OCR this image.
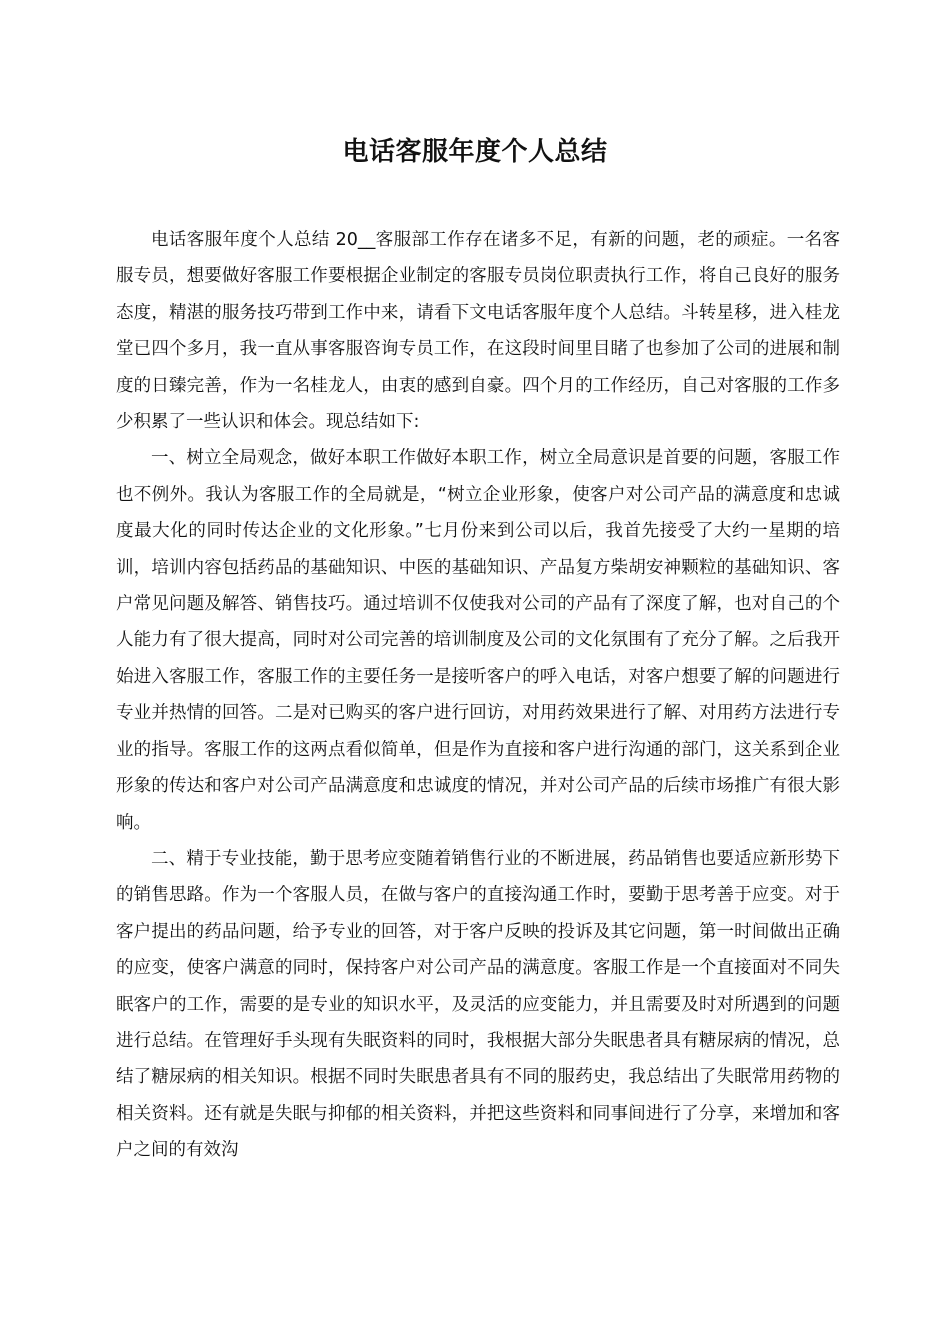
电话客服年度个人总结

电话客服年度个人总结 20__客服部工作存在诸多不足，有新的问题，老的顽症。一名客服专员，想要做好客服工作要根据企业制定的客服专员岗位职责执行工作，将自己良好的服务态度，精湛的服务技巧带到工作中来，请看下文电话客服年度个人总结。斗转星移，进入桂龙堂已四个多月，我一直从事客服咨询专员工作，在这段时间里目睹了也参加了公司的进展和制度的日臻完善，作为一名桂龙人，由衷的感到自豪。四个月的工作经历，自己对客服的工作多少积累了一些认识和体会。现总结如下:

一、树立全局观念，做好本职工作做好本职工作，树立全局意识是首要的问题，客服工作也不例外。我认为客服工作的全局就是，“树立企业形象，使客户对公司产品的满意度和忠诚度最大化的同时传达企业的文化形象。”七月份来到公司以后，我首先接受了大约一星期的培训，培训内容包括药品的基础知识、中医的基础知识、产品复方柴胡安神颗粒的基础知识、客户常见问题及解答、销售技巧。通过培训不仅使我对公司的产品有了深度了解，也对自己的个人能力有了很大提高，同时对公司完善的培训制度及公司的文化氛围有了充分了解。之后我开始进入客服工作，客服工作的主要任务一是接听客户的呼入电话，对客户想要了解的问题进行专业并热情的回答。二是对已购买的客户进行回访，对用药效果进行了解、对用药方法进行专业的指导。客服工作的这两点看似简单，但是作为直接和客户进行沟通的部门，这关系到企业形象的传达和客户对公司产品满意度和忠诚度的情况，并对公司产品的后续市场推广有很大影响。

二、精于专业技能，勤于思考应变随着销售行业的不断进展，药品销售也要适应新形势下的销售思路。作为一个客服人员，在做与客户的直接沟通工作时，要勤于思考善于应变。对于客户提出的药品问题，给予专业的回答，对于客户反映的投诉及其它问题，第一时间做出正确的应变，使客户满意的同时，保持客户对公司产品的满意度。客服工作是一个直接面对不同失眠客户的工作，需要的是专业的知识水平，及灵活的应变能力，并且需要及时对所遇到的问题进行总结。在管理好手头现有失眠资料的同时，我根据大部分失眠患者具有糖尿病的情况，总结了糖尿病的相关知识。根据不同时失眠患者具有不同的服药史，我总结出了失眠常用药物的相关资料。还有就是失眠与抑郁的相关资料，并把这些资料和同事间进行了分享，来增加和客户之间的有效沟
